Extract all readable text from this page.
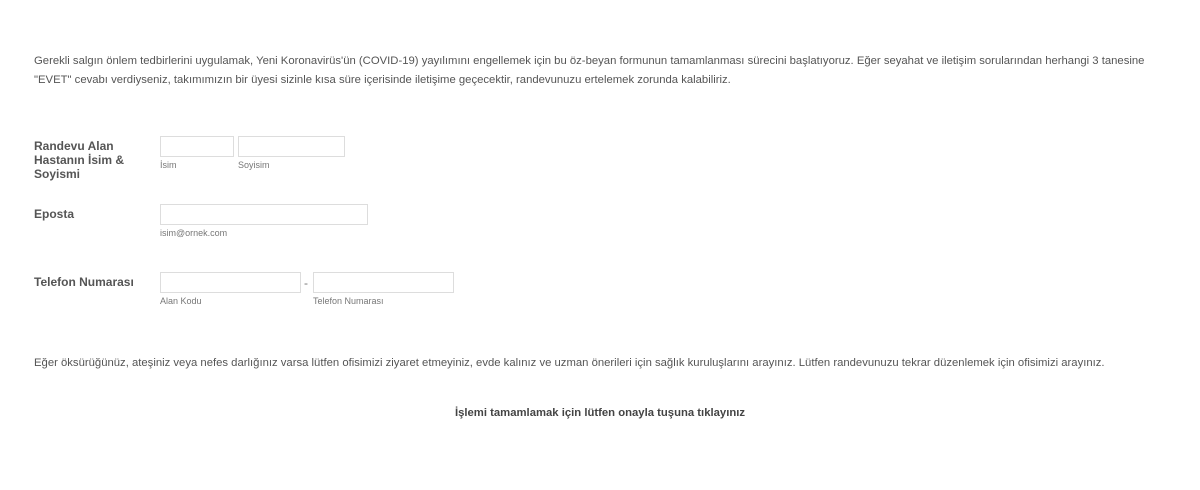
Gerekli salgın önlem tedbirlerini uygulamak, Yeni Koronavirüs'ün (COVID-19) yayılımını engellemek için bu öz-beyan formunun tamamlanması sürecini başlatıyoruz. Eğer seyahat ve iletişim sorularından herhangi 3 tanesine "EVET" cevabı verdiyseniz, takımımızın bir üyesi sizinle kısa süre içerisinde iletişime geçecektir, randevunuzu ertelemek zorunda kalabiliriz.
Randevu Alan Hastanın İsim & Soyismi
İsim	Soyisim
Eposta
isim@ornek.com
Telefon Numarası	-
Alan Kodu	Telefon Numarası
Eğer öksürüğünüz, ateşiniz veya nefes darlığınız varsa lütfen ofisimizi ziyaret etmeyiniz, evde kalınız ve uzman önerileri için sağlık kuruluşlarını arayınız. Lütfen randevunuzu tekrar düzenlemek için ofisimizi arayınız.
İşlemi tamamlamak için lütfen onayla tuşuna tıklayınız
